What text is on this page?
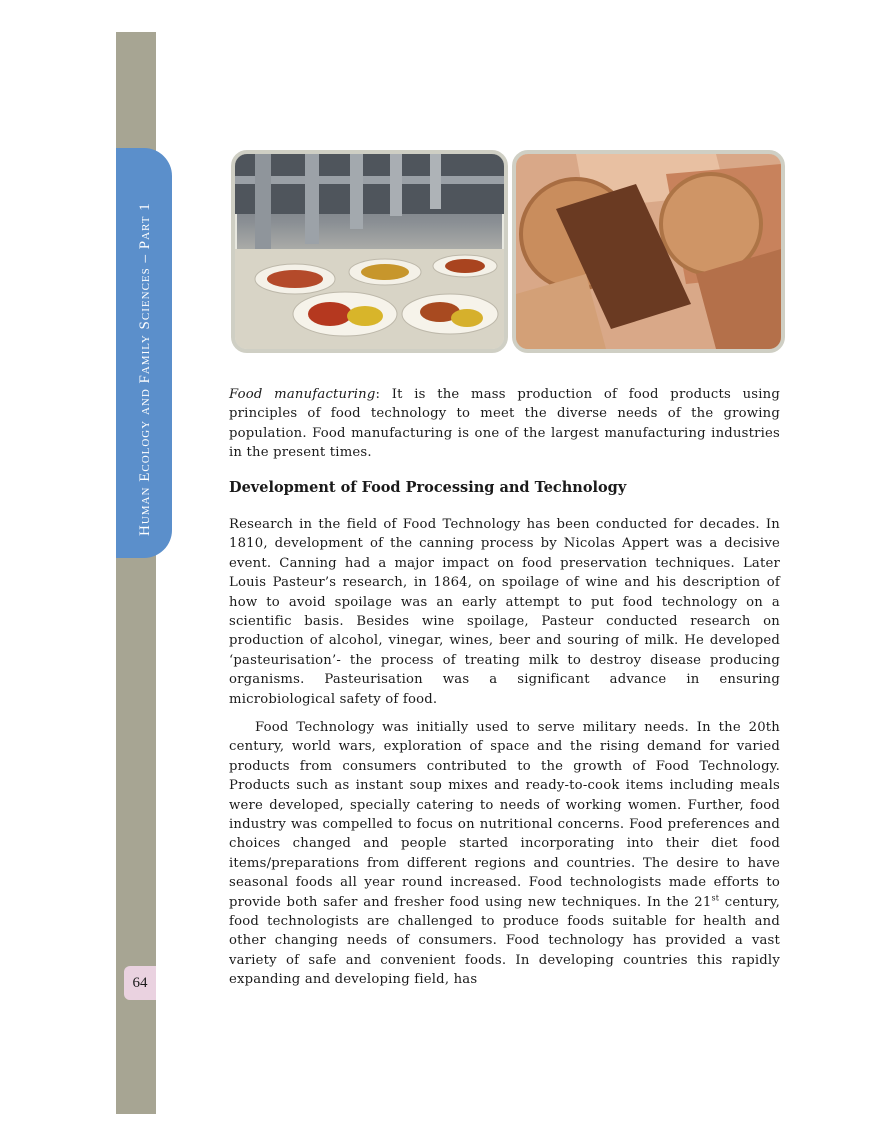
Human Ecology and Family Sciences – Part 1
64

Food manufacturing: It is the mass production of food products using principles of food technology to meet the diverse needs of the growing population. Food manufacturing is one of the largest manufacturing industries in the present times.

Development of Food Processing and Technology

Research in the field of Food Technology has been conducted for decades. In 1810, development of the canning process by Nicolas Appert was a decisive event. Canning had a major impact on food preservation techniques. Later Louis Pasteur’s research, in 1864, on spoilage of wine and his description of how to avoid spoilage was an early attempt to put food technology on a scientific basis. Besides wine spoilage, Pasteur conducted research on production of alcohol, vinegar, wines, beer and souring of milk. He developed ‘pasteurisation’- the process of treating milk to destroy disease producing organisms. Pasteurisation was a significant advance in ensuring microbiological safety of food.

Food Technology was initially used to serve military needs. In the 20th century, world wars, exploration of space and the rising demand for varied products from consumers contributed to the growth of Food Technology. Products such as instant soup mixes and ready-to-cook items including meals were developed, specially catering to needs of working women. Further, food industry was compelled to focus on nutritional concerns. Food preferences and choices changed and people started incorporating into their diet food items/preparations from different regions and countries. The desire to have seasonal foods all year round increased. Food technologists made efforts to provide both safer and fresher food using new techniques. In the 21st century, food technologists are challenged to produce foods suitable for health and other changing needs of consumers. Food technology has provided a vast variety of safe and convenient foods. In developing countries this rapidly expanding and developing field, has
